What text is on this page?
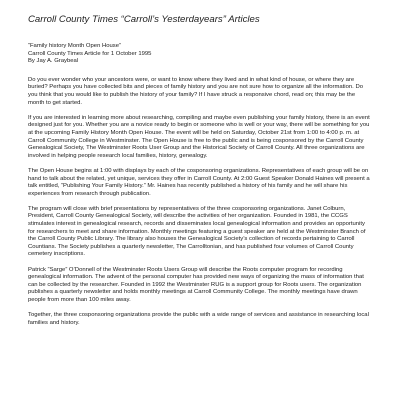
Carroll County Times “Carroll’s Yesterdayears” Articles
“Family history Month Open House”
Carroll County Times Article for 1 October 1995
By Jay A. Graybeal

Do you ever wonder who your ancestors were, or want to know where they lived and in what kind of house, or where they are buried? Perhaps you have collected bits and pieces of family history and you are not sure how to organize all the information. Do you think that you would like to publish the history of your family? If I have struck a responsive chord, read on; this may be the month to get started.

If you are interested in learning more about researching, compiling and maybe even publishing your family history, there is an event designed just for you. Whether you are a novice ready to begin or someone who is well or your way, there will be something for you at the upcoming Family History Month Open House. The event will be held on Saturday, October 21st from 1:00 to 4:00 p. m. at Carroll Community College in Westminster. The Open House is free to the public and is being cosponsored by the Carroll County Genealogical Society, The Westminster Roots User Group and the Historical Society of Carroll County. All three organizations are involved in helping people research local families, history, genealogy.

The Open House begins at 1:00 with displays by each of the cosponsoring organizations. Representatives of each group will be on hand to talk about the related, yet unique, services they offer in Carroll County. At 2:00 Guest Speaker Donald Haines will present a talk entitled, “Publishing Your Family History.” Mr. Haines has recently published a history of his family and he will share his experiences from research through publication.

The program will close with brief presentations by representatives of the three cosponsoring organizations. Janet Colburn, President, Carroll County Genealogical Society, will describe the activities of her organization. Founded in 1981, the CCGS stimulates interest in genealogical research, records and disseminates local genealogical information and provides an opportunity for researchers to meet and share information. Monthly meetings featuring a guest speaker are held at the Westminster Branch of the Carroll County Public Library. The library also houses the Genealogical Society’s collection of records pertaining to Carroll Countians. The Society publishes a quarterly newsletter, The Carrolltonian, and has published four volumes of Carroll County cemetery inscriptions.

Patrick “Sarge” O’Donnell of the Westminster Roots Users Group will describe the Roots computer program for recording genealogical information. The advent of the personal computer has provided new ways of organizing the mass of information that can be collected by the researcher. Founded in 1992 the Westminster RUG is a support group for Roots users. The organization publishes a quarterly newsletter and holds monthly meetings at Carroll Community College. The monthly meetings have drawn people from more than 100 miles away.

Together, the three cosponsoring organizations provide the public with a wide range of services and assistance in researching local families and history.
